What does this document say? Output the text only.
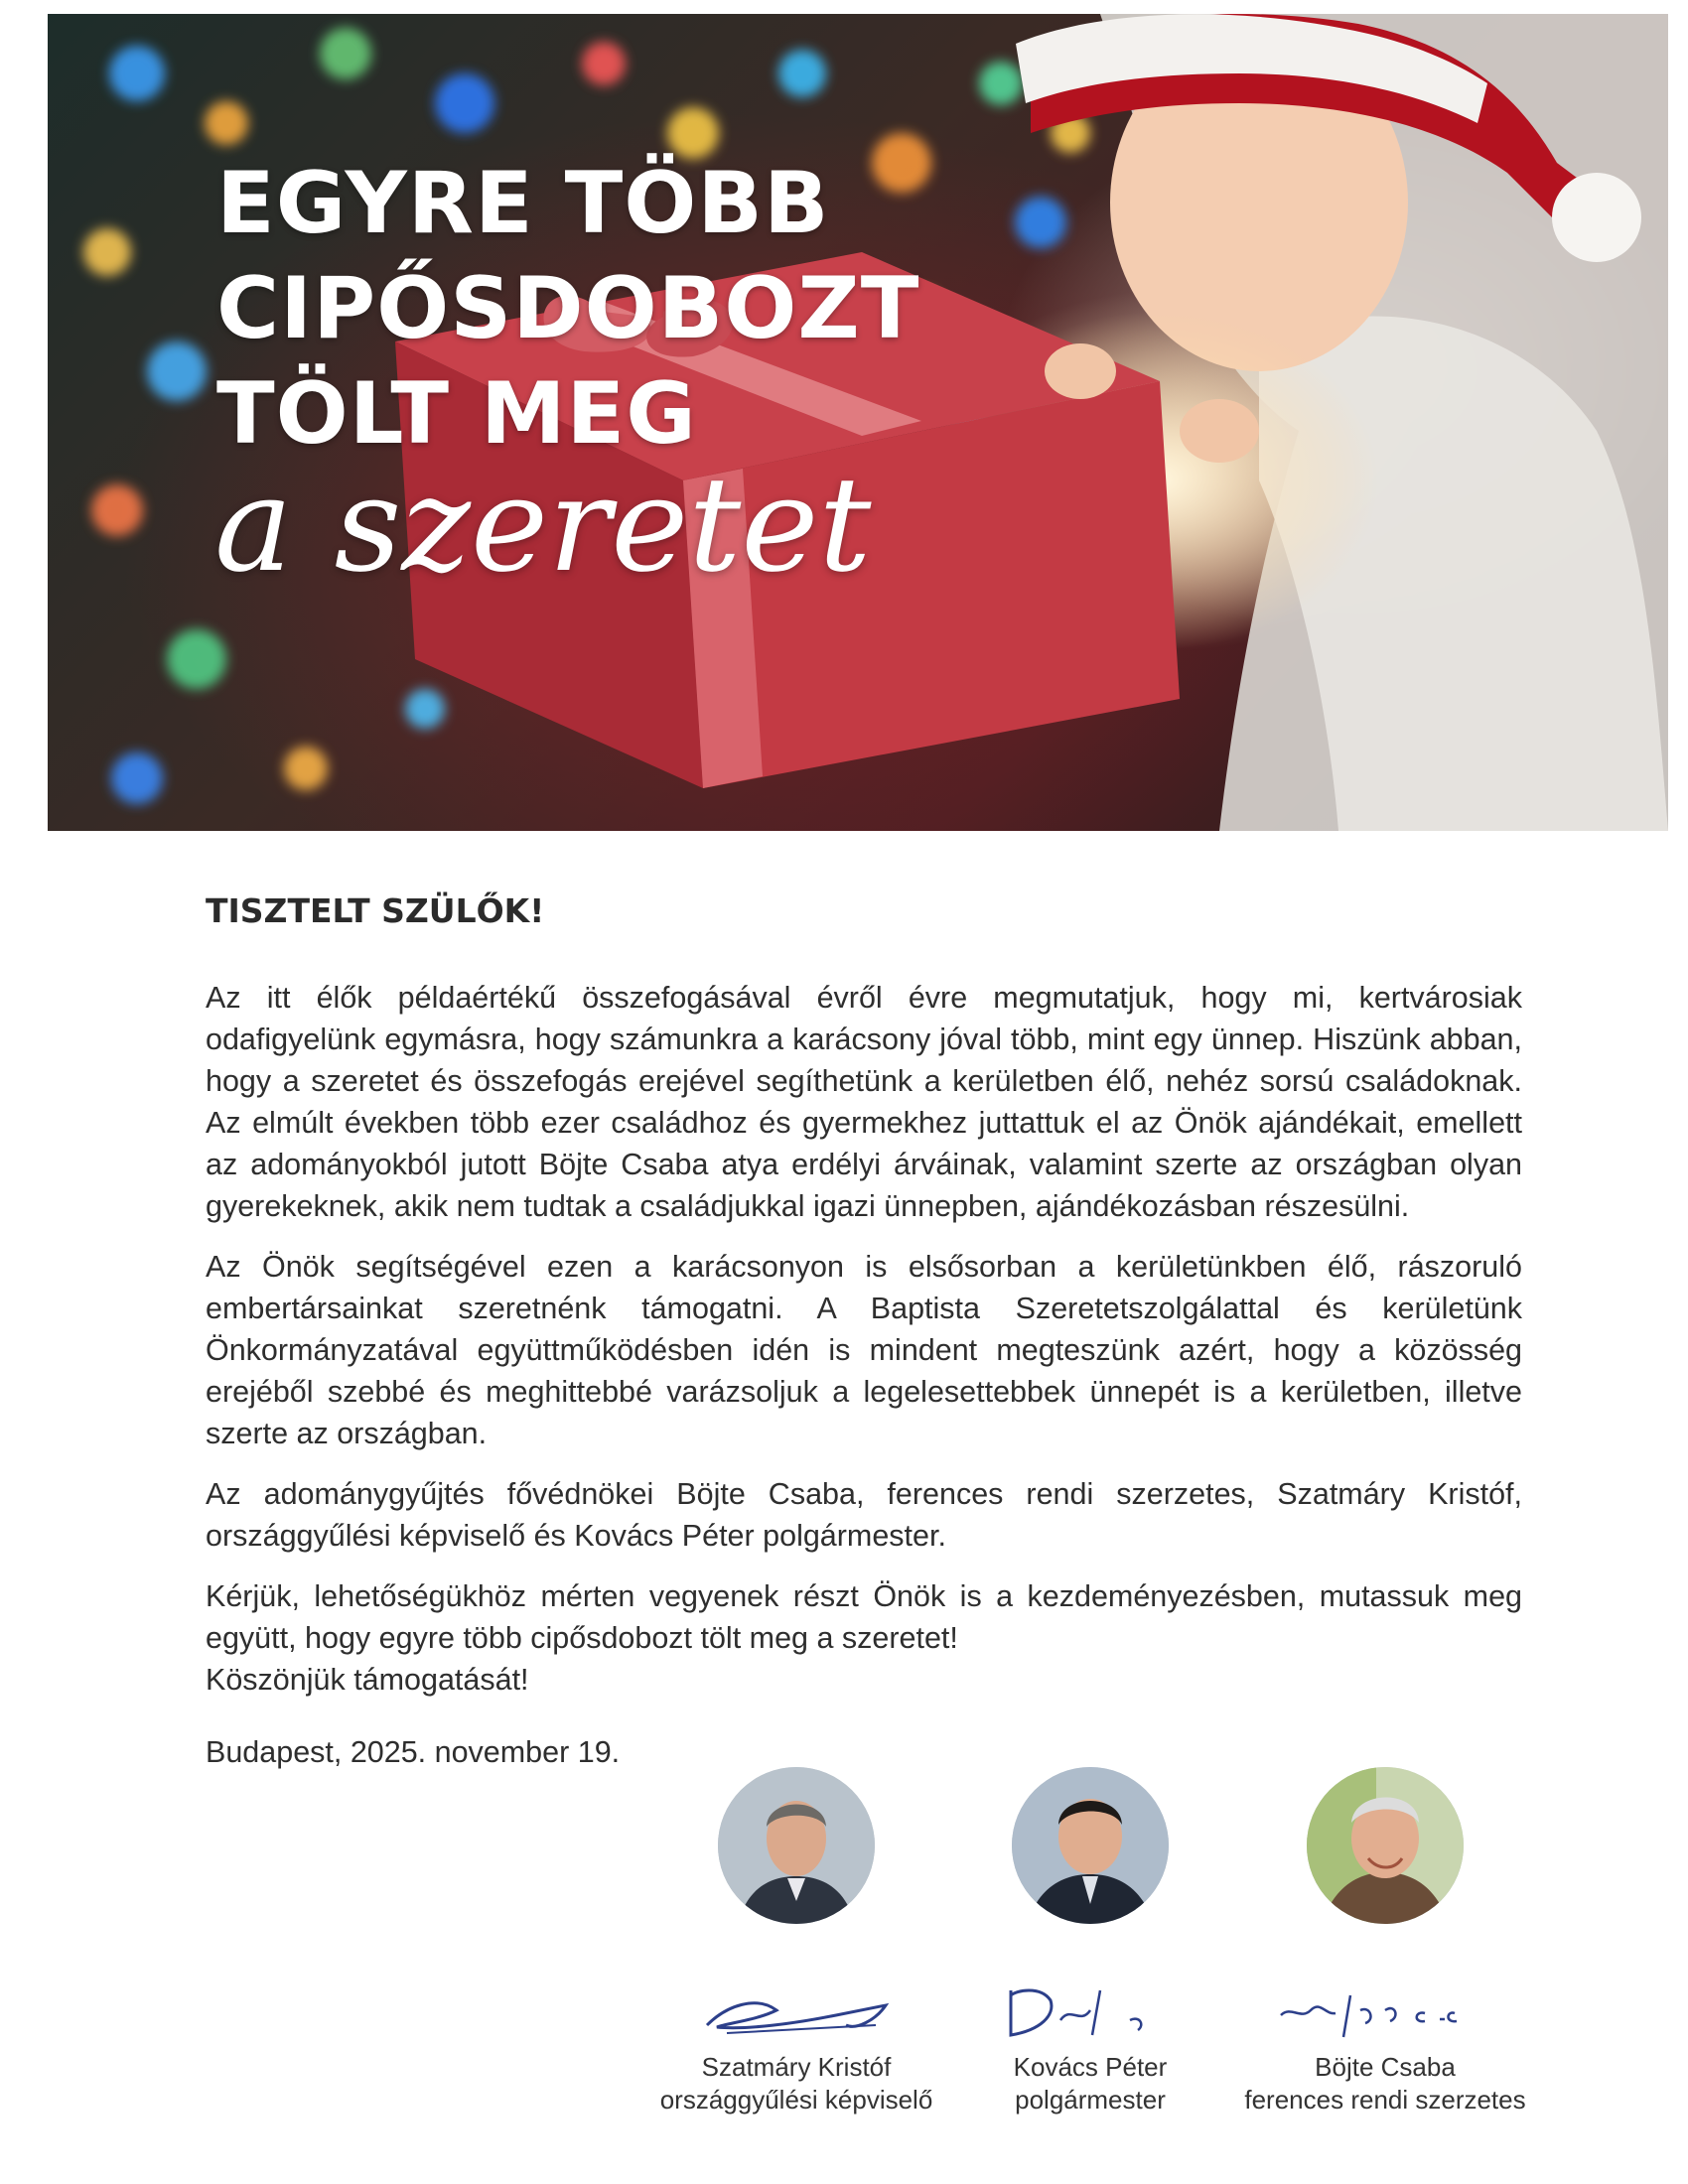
EGYRE TÖBB
CIPŐSDOBOZT
TÖLT MEG
a szeretet
TISZTELT SZÜLŐK!

Az itt élők példaértékű összefogásával évről évre megmutatjuk, hogy mi, kertvárosiak odafigyelünk egymásra, hogy számunkra a karácsony jóval több, mint egy ünnep. Hiszünk abban, hogy a szeretet és összefogás erejével segíthetünk a kerületben élő, nehéz sorsú családoknak. Az elmúlt években több ezer családhoz és gyermekhez juttattuk el az Önök ajándékait, emellett az adományokból jutott Böjte Csaba atya erdélyi árváinak, valamint szerte az országban olyan gyerekeknek, akik nem tudtak a családjukkal igazi ünnepben, ajándékozásban részesülni.

Az Önök segítségével ezen a karácsonyon is elsősorban a kerületünkben élő, rászoruló embertársainkat szeretnénk támogatni. A Baptista Szeretetszolgálattal és kerületünk Önkormányzatával együttműködésben idén is mindent megteszünk azért, hogy a közösség erejéből szebbé és meghittebbé varázsoljuk a legelesettebbek ünnepét is a kerületben, illetve szerte az országban.

Az adománygyűjtés fővédnökei Böjte Csaba, ferences rendi szerzetes, Szatmáry Kristóf, országgyűlési képviselő és Kovács Péter polgármester.

Kérjük, lehetőségükhöz mérten vegyenek részt Önök is a kezdeményezésben, mutassuk meg együtt, hogy egyre több cipősdobozt tölt meg a szeretet!

Köszönjük támogatását!

Budapest, 2025. november 19.
Szatmáry Kristóf
országgyűlési képviselő
Kovács Péter
polgármester
Böjte Csaba
ferences rendi szerzetes
